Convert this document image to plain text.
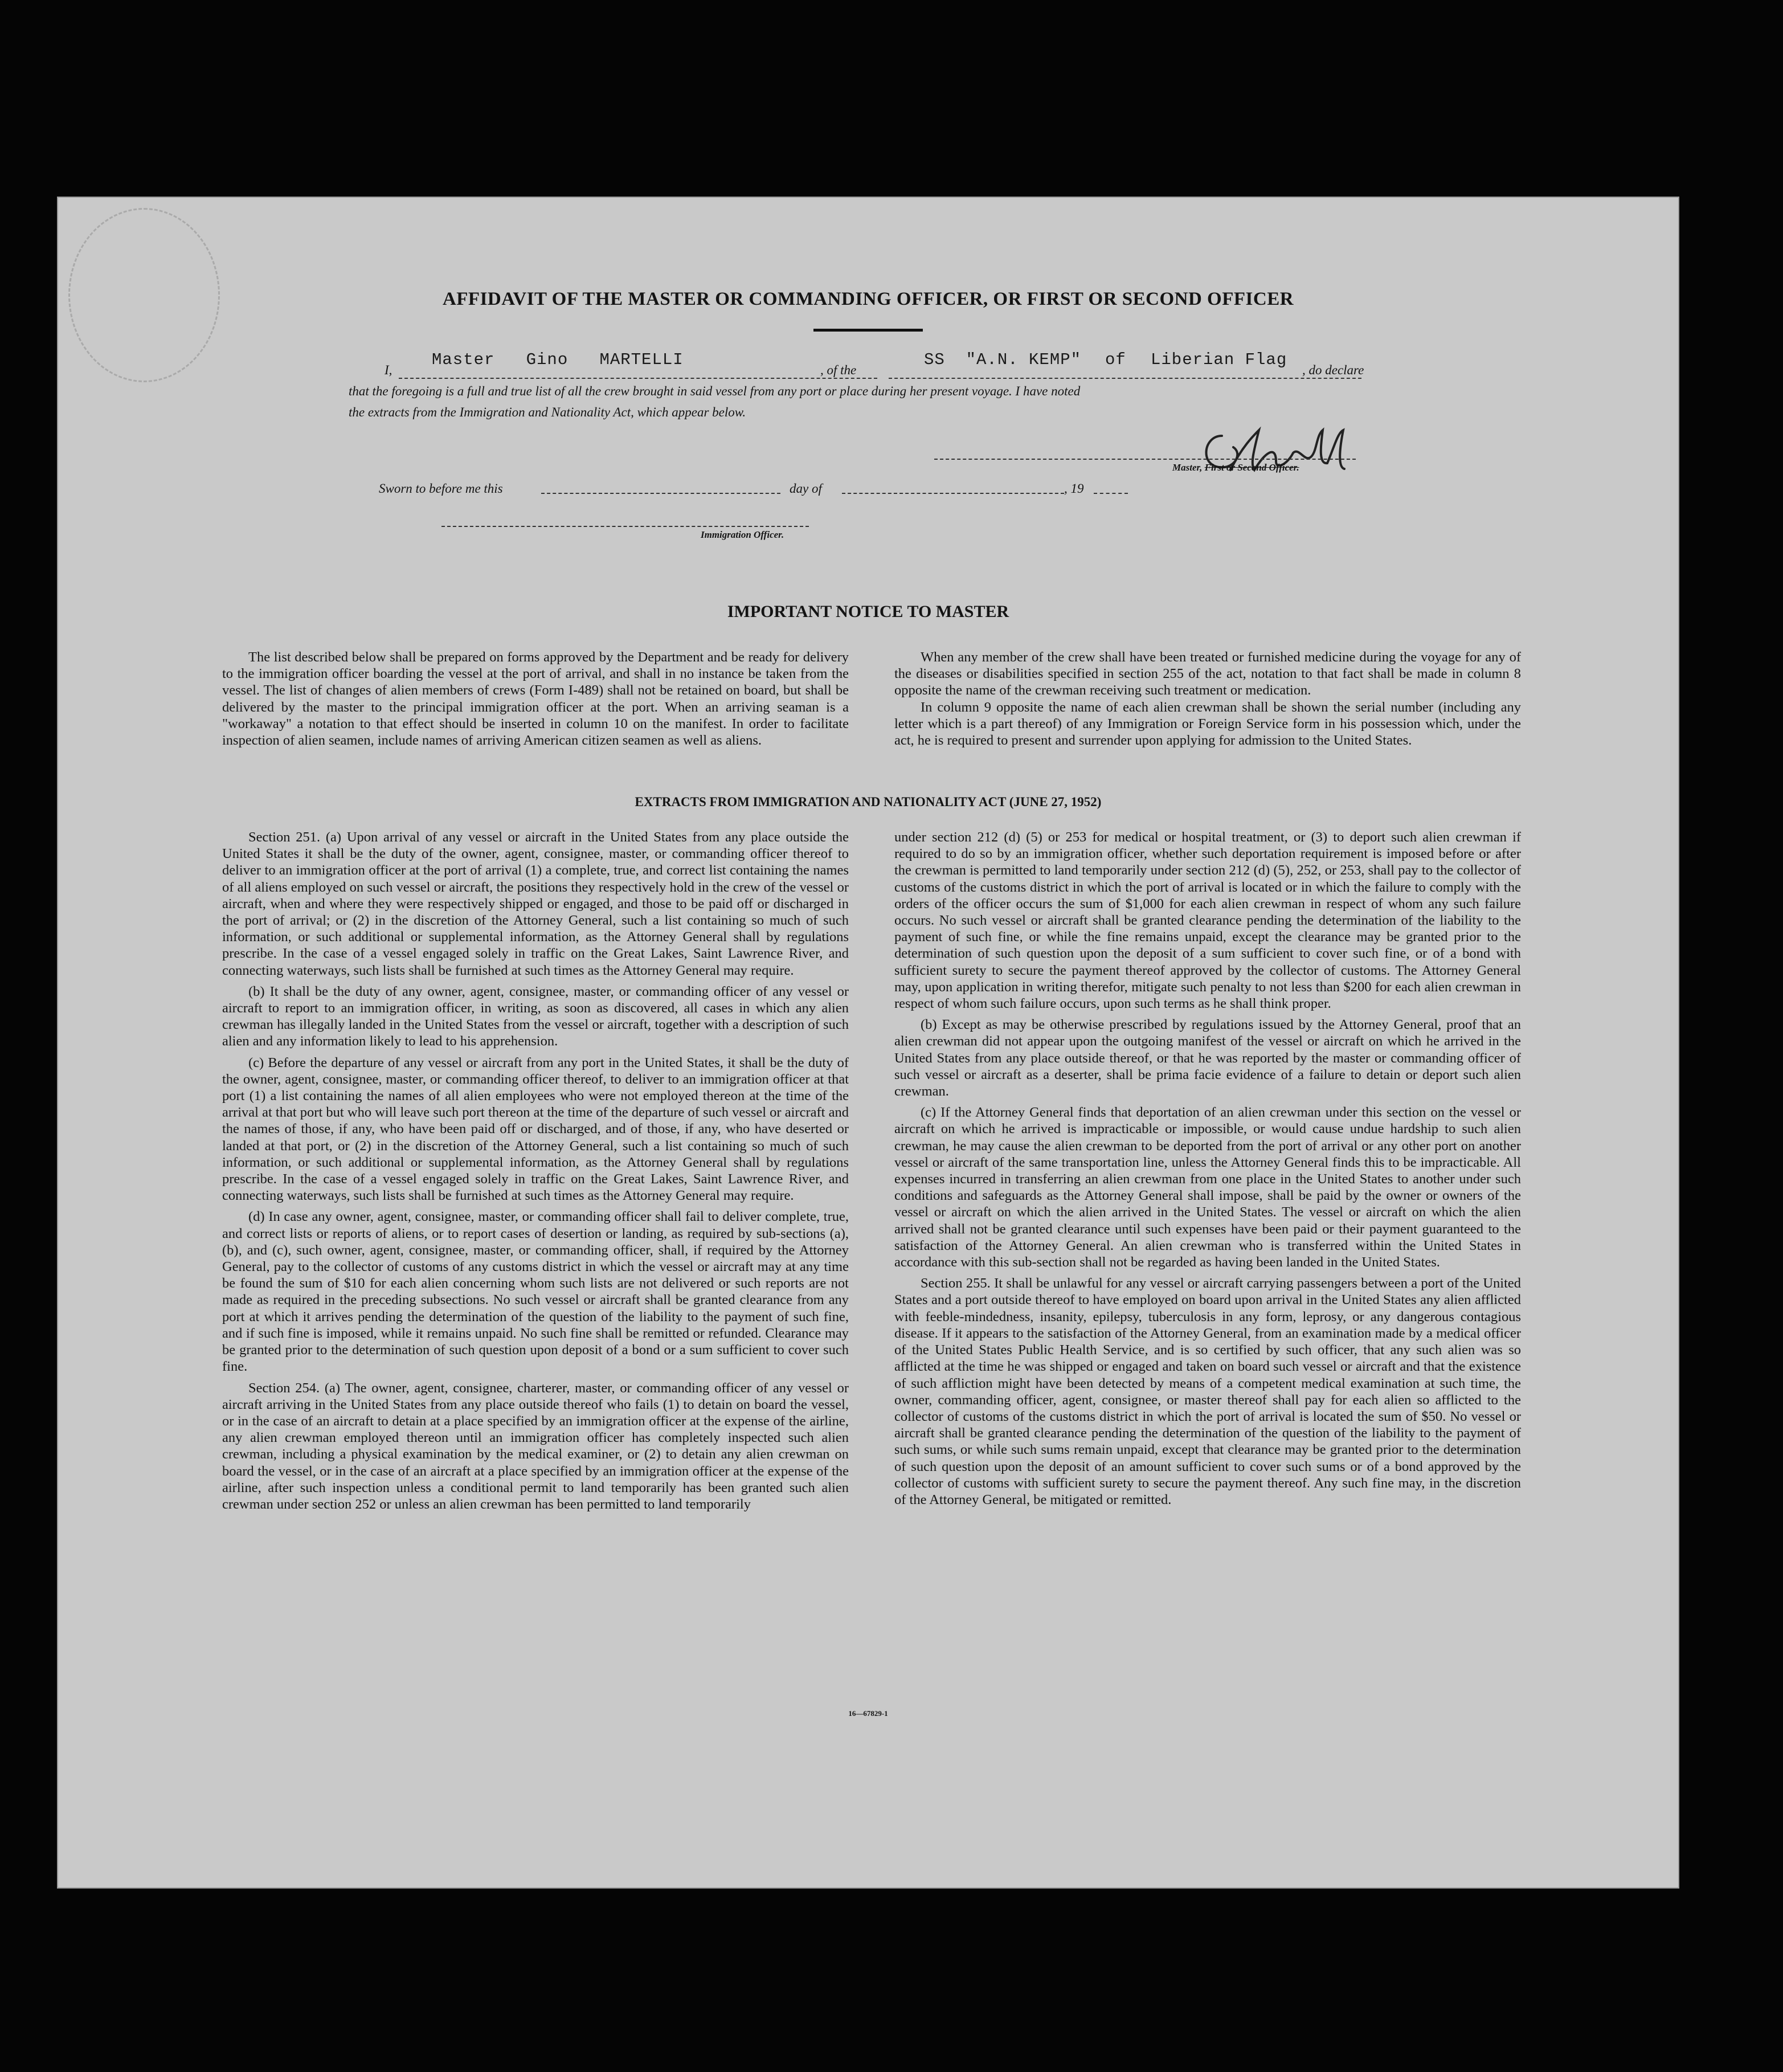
AFFIDAVIT OF THE MASTER OR COMMANDING OFFICER, OR FIRST OR SECOND OFFICER
I,
Master   Gino   MARTELLI
, of the
SS  "A.N. KEMP" of Liberian Flag
, do declare
that the foregoing is a full and true list of all the crew brought in said vessel from any port or place during her present voyage. I have noted
the extracts from the Immigration and Nationality Act, which appear below.
Master, First or Second Officer.
Sworn to before me this	day of	, 19
Immigration Officer.
IMPORTANT NOTICE TO MASTER

The list described below shall be prepared on forms approved by the Department and be ready for delivery to the immigration officer boarding the vessel at the port of arrival, and shall in no instance be taken from the vessel. The list of changes of alien members of crews (Form I-489) shall not be retained on board, but shall be delivered by the master to the principal immigration officer at the port. When an arriving seaman is a "workaway" a notation to that effect should be inserted in column 10 on the manifest. In order to facilitate inspection of alien seamen, include names of arriving American citizen seamen as well as aliens.

When any member of the crew shall have been treated or furnished medicine during the voyage for any of the diseases or disabilities specified in section 255 of the act, notation to that fact shall be made in column 8 opposite the name of the crewman receiving such treatment or medication.

In column 9 opposite the name of each alien crewman shall be shown the serial number (including any letter which is a part thereof) of any Immigration or Foreign Service form in his possession which, under the act, he is required to present and surrender upon applying for admission to the United States.

EXTRACTS FROM IMMIGRATION AND NATIONALITY ACT (JUNE 27, 1952)

Section 251. (a) Upon arrival of any vessel or aircraft in the United States from any place outside the United States it shall be the duty of the owner, agent, consignee, master, or commanding officer thereof to deliver to an immigration officer at the port of arrival (1) a complete, true, and correct list containing the names of all aliens employed on such vessel or aircraft, the positions they respectively hold in the crew of the vessel or aircraft, when and where they were respectively shipped or engaged, and those to be paid off or discharged in the port of arrival; or (2) in the discretion of the Attorney General, such a list containing so much of such information, or such additional or supplemental information, as the Attorney General shall by regulations prescribe. In the case of a vessel engaged solely in traffic on the Great Lakes, Saint Lawrence River, and connecting waterways, such lists shall be furnished at such times as the Attorney General may require.

(b) It shall be the duty of any owner, agent, consignee, master, or commanding officer of any vessel or aircraft to report to an immigration officer, in writing, as soon as discovered, all cases in which any alien crewman has illegally landed in the United States from the vessel or aircraft, together with a description of such alien and any information likely to lead to his apprehension.

(c) Before the departure of any vessel or aircraft from any port in the United States, it shall be the duty of the owner, agent, consignee, master, or commanding officer thereof, to deliver to an immigration officer at that port (1) a list containing the names of all alien employees who were not employed thereon at the time of the arrival at that port but who will leave such port thereon at the time of the departure of such vessel or aircraft and the names of those, if any, who have been paid off or discharged, and of those, if any, who have deserted or landed at that port, or (2) in the discretion of the Attorney General, such a list containing so much of such information, or such additional or supplemental information, as the Attorney General shall by regulations prescribe. In the case of a vessel engaged solely in traffic on the Great Lakes, Saint Lawrence River, and connecting waterways, such lists shall be furnished at such times as the Attorney General may require.

(d) In case any owner, agent, consignee, master, or commanding officer shall fail to deliver complete, true, and correct lists or reports of aliens, or to report cases of desertion or landing, as required by sub-sections (a), (b), and (c), such owner, agent, consignee, master, or commanding officer, shall, if required by the Attorney General, pay to the collector of customs of any customs district in which the vessel or aircraft may at any time be found the sum of $10 for each alien concerning whom such lists are not delivered or such reports are not made as required in the preceding subsections. No such vessel or aircraft shall be granted clearance from any port at which it arrives pending the determination of the question of the liability to the payment of such fine, and if such fine is imposed, while it remains unpaid. No such fine shall be remitted or refunded. Clearance may be granted prior to the determination of such question upon deposit of a bond or a sum sufficient to cover such fine.

Section 254. (a) The owner, agent, consignee, charterer, master, or commanding officer of any vessel or aircraft arriving in the United States from any place outside thereof who fails (1) to detain on board the vessel, or in the case of an aircraft to detain at a place specified by an immigration officer at the expense of the airline, any alien crewman employed thereon until an immigration officer has completely inspected such alien crewman, including a physical examination by the medical examiner, or (2) to detain any alien crewman on board the vessel, or in the case of an aircraft at a place specified by an immigration officer at the expense of the airline, after such inspection unless a conditional permit to land temporarily has been granted such alien crewman under section 252 or unless an alien crewman has been permitted to land temporarily

under section 212 (d) (5) or 253 for medical or hospital treatment, or (3) to deport such alien crewman if required to do so by an immigration officer, whether such deportation requirement is imposed before or after the crewman is permitted to land temporarily under section 212 (d) (5), 252, or 253, shall pay to the collector of customs of the customs district in which the port of arrival is located or in which the failure to comply with the orders of the officer occurs the sum of $1,000 for each alien crewman in respect of whom any such failure occurs. No such vessel or aircraft shall be granted clearance pending the determination of the liability to the payment of such fine, or while the fine remains unpaid, except the clearance may be granted prior to the determination of such question upon the deposit of a sum sufficient to cover such fine, or of a bond with sufficient surety to secure the payment thereof approved by the collector of customs. The Attorney General may, upon application in writing therefor, mitigate such penalty to not less than $200 for each alien crewman in respect of whom such failure occurs, upon such terms as he shall think proper.

(b) Except as may be otherwise prescribed by regulations issued by the Attorney General, proof that an alien crewman did not appear upon the outgoing manifest of the vessel or aircraft on which he arrived in the United States from any place outside thereof, or that he was reported by the master or commanding officer of such vessel or aircraft as a deserter, shall be prima facie evidence of a failure to detain or deport such alien crewman.

(c) If the Attorney General finds that deportation of an alien crewman under this section on the vessel or aircraft on which he arrived is impracticable or impossible, or would cause undue hardship to such alien crewman, he may cause the alien crewman to be deported from the port of arrival or any other port on another vessel or aircraft of the same transportation line, unless the Attorney General finds this to be impracticable. All expenses incurred in transferring an alien crewman from one place in the United States to another under such conditions and safeguards as the Attorney General shall impose, shall be paid by the owner or owners of the vessel or aircraft on which the alien arrived in the United States. The vessel or aircraft on which the alien arrived shall not be granted clearance until such expenses have been paid or their payment guaranteed to the satisfaction of the Attorney General. An alien crewman who is transferred within the United States in accordance with this sub-section shall not be regarded as having been landed in the United States.

Section 255. It shall be unlawful for any vessel or aircraft carrying passengers between a port of the United States and a port outside thereof to have employed on board upon arrival in the United States any alien afflicted with feeble-mindedness, insanity, epilepsy, tuberculosis in any form, leprosy, or any dangerous contagious disease. If it appears to the satisfaction of the Attorney General, from an examination made by a medical officer of the United States Public Health Service, and is so certified by such officer, that any such alien was so afflicted at the time he was shipped or engaged and taken on board such vessel or aircraft and that the existence of such affliction might have been detected by means of a competent medical examination at such time, the owner, commanding officer, agent, consignee, or master thereof shall pay for each alien so afflicted to the collector of customs of the customs district in which the port of arrival is located the sum of $50. No vessel or aircraft shall be granted clearance pending the determination of the question of the liability to the payment of such sums, or while such sums remain unpaid, except that clearance may be granted prior to the determination of such question upon the deposit of an amount sufficient to cover such sums or of a bond approved by the collector of customs with sufficient surety to secure the payment thereof. Any such fine may, in the discretion of the Attorney General, be mitigated or remitted.

16—67829-1
